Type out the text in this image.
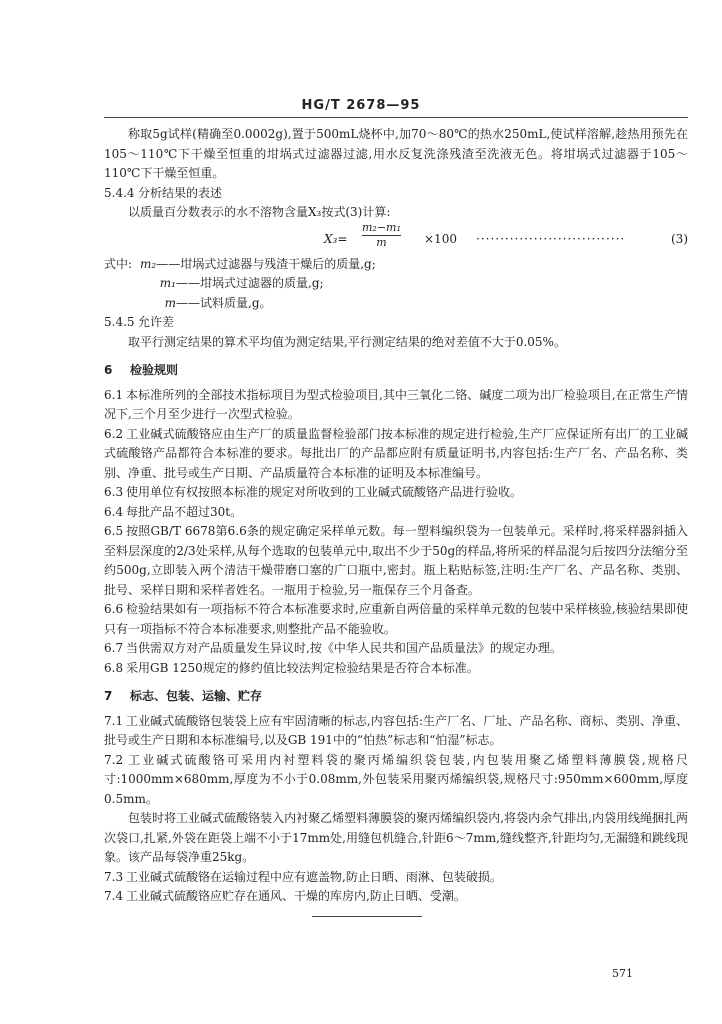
HG/T 2678—95

称取5g试样(精确至0.0002g),置于500mL烧杯中,加70～80℃的热水250mL,使试样溶解,趁热用预先在105～110℃下干燥至恒重的坩埚式过滤器过滤,用水反复洗涤残渣至洗液无色。将坩埚式过滤器于105～110℃下干燥至恒重。

5.4.4 分析结果的表述

以质量百分数表示的水不溶物含量X₃按式(3)计算:

$X_3= \frac{\text{m₂−m₁}}{m} \times 100$ ·······························	(3)

式中: m₂——坩埚式过滤器与残渣干燥后的质量,g;

m₁——坩埚式过滤器的质量,g;

m——试料质量,g。

5.4.5 允许差

取平行测定结果的算术平均值为测定结果,平行测定结果的绝对差值不大于0.05%。

6 检验规则

6.1 本标准所列的全部技术指标项目为型式检验项目,其中三氧化二铬、碱度二项为出厂检验项目,在正常生产情况下,三个月至少进行一次型式检验。

6.2 工业碱式硫酸铬应由生产厂的质量监督检验部门按本标准的规定进行检验,生产厂应保证所有出厂的工业碱式硫酸铬产品都符合本标准的要求。每批出厂的产品都应附有质量证明书,内容包括:生产厂名、产品名称、类别、净重、批号或生产日期、产品质量符合本标准的证明及本标准编号。

6.3 使用单位有权按照本标准的规定对所收到的工业碱式硫酸铬产品进行验收。

6.4 每批产品不超过30t。

6.5 按照GB/T 6678第6.6条的规定确定采样单元数。每一塑料编织袋为一包装单元。采样时,将采样器斜插入至料层深度的2/3处采样,从每个选取的包装单元中,取出不少于50g的样品,将所采的样品混匀后按四分法缩分至约500g,立即装入两个清洁干燥带磨口塞的广口瓶中,密封。瓶上粘贴标签,注明:生产厂名、产品名称、类别、批号、采样日期和采样者姓名。一瓶用于检验,另一瓶保存三个月备查。

6.6 检验结果如有一项指标不符合本标准要求时,应重新自两倍量的采样单元数的包装中采样核验,核验结果即使只有一项指标不符合本标准要求,则整批产品不能验收。

6.7 当供需双方对产品质量发生异议时,按《中华人民共和国产品质量法》的规定办理。

6.8 采用GB 1250规定的修约值比较法判定检验结果是否符合本标准。

7 标志、包装、运输、贮存

7.1 工业碱式硫酸铬包装袋上应有牢固清晰的标志,内容包括:生产厂名、厂址、产品名称、商标、类别、净重、批号或生产日期和本标准编号,以及GB 191中的“怕热”标志和“怕湿”标志。

7.2 工业碱式硫酸铬可采用内衬塑料袋的聚丙烯编织袋包装,内包装用聚乙烯塑料薄膜袋,规格尺寸:1000mm×680mm,厚度为不小于0.08mm,外包装采用聚丙烯编织袋,规格尺寸:950mm×600mm,厚度0.5mm。

包装时将工业碱式硫酸铬装入内衬聚乙烯塑料薄膜袋的聚丙烯编织袋内,将袋内余气排出,内袋用线绳捆扎两次袋口,扎紧,外袋在距袋上端不小于17mm处,用缝包机缝合,针距6～7mm,缝线整齐,针距均匀,无漏缝和跳线现象。该产品每袋净重25kg。

7.3 工业碱式硫酸铬在运输过程中应有遮盖物,防止日晒、雨淋、包装破损。

7.4 工业碱式硫酸铬应贮存在通风、干燥的库房内,防止日晒、受潮。

571
